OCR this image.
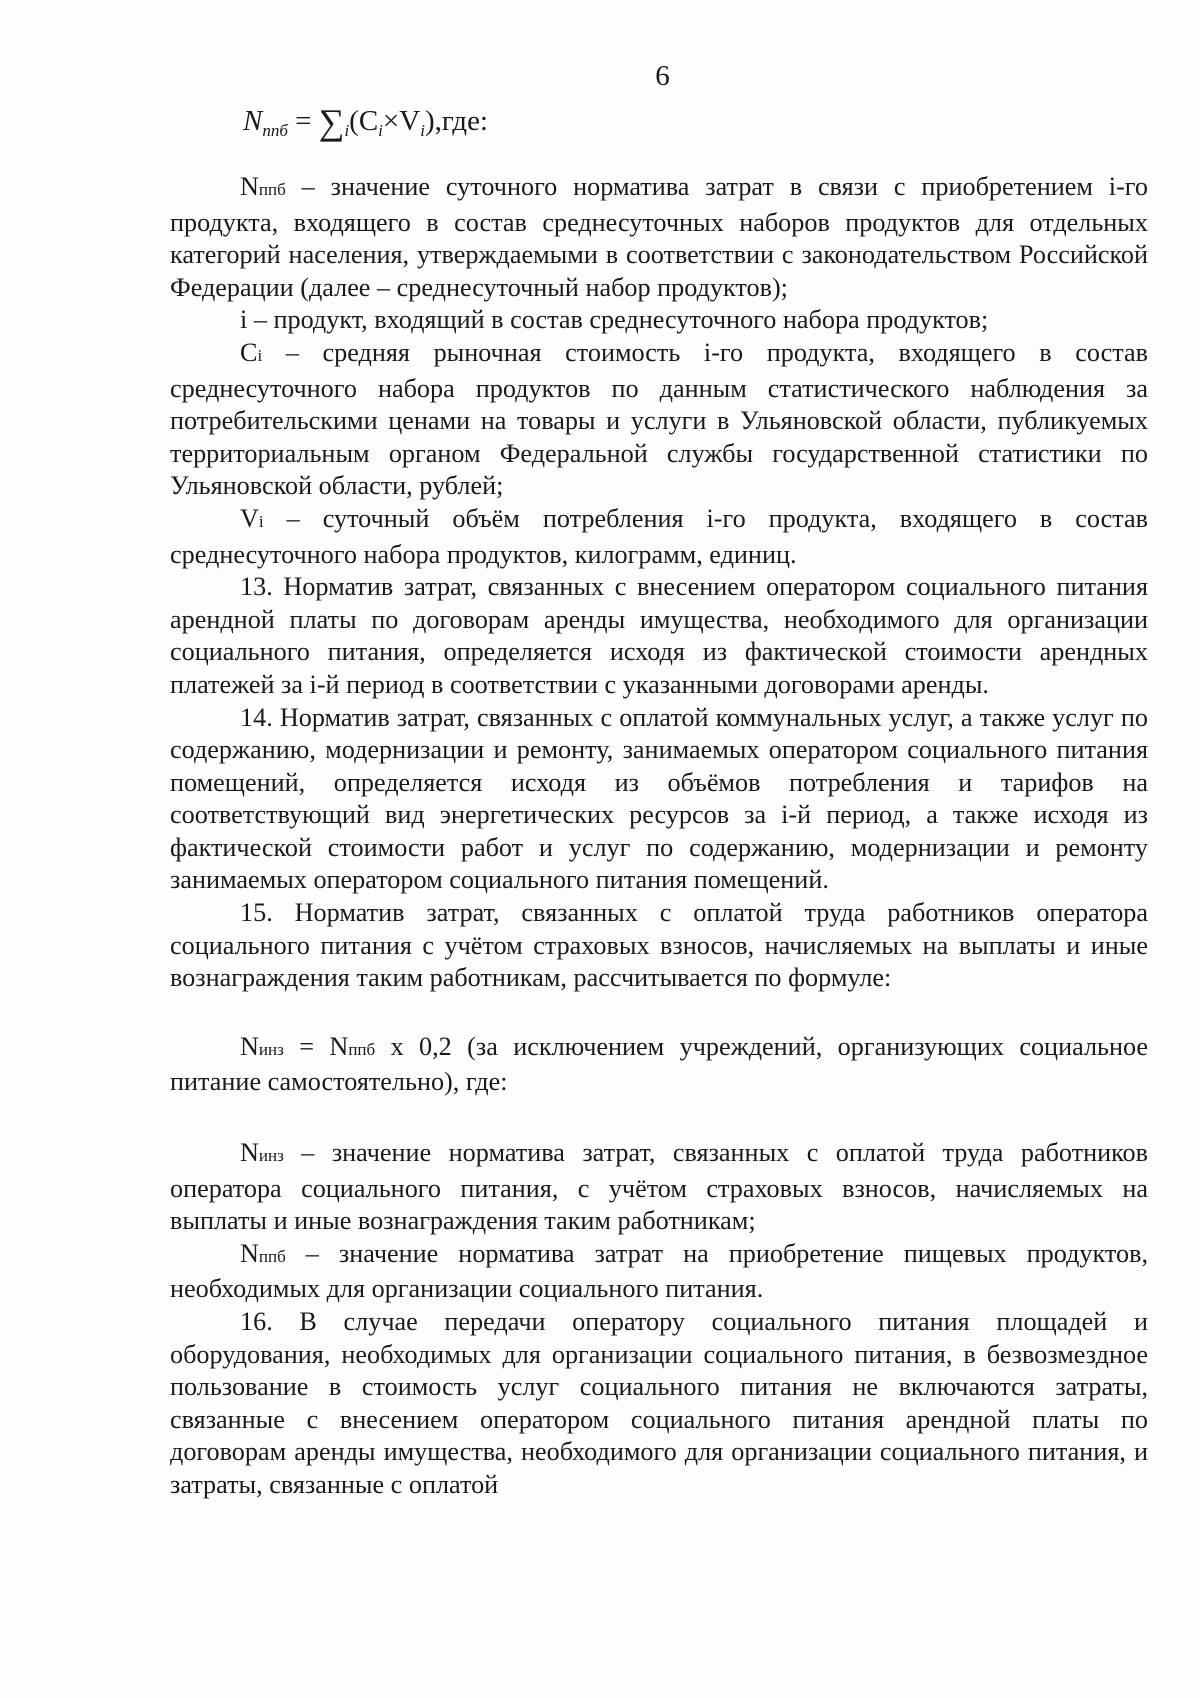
6
$N_{ппб} = \sum_i(C_i\times V_i),где$:

Nппб – значение суточного норматива затрат в связи с приобретением i-го продукта, входящего в состав среднесуточных наборов продуктов для отдельных категорий населения, утверждаемыми в соответствии с законодательством Российской Федерации (далее – среднесуточный набор продуктов);

i – продукт, входящий в состав среднесуточного набора продуктов;

Ci – средняя рыночная стоимость i-го продукта, входящего в состав среднесуточного набора продуктов по данным статистического наблюдения за потребительскими ценами на товары и услуги в Ульяновской области, публикуемых территориальным органом Федеральной службы государственной статистики по Ульяновской области, рублей;

Vi – суточный объём потребления i-го продукта, входящего в состав среднесуточного набора продуктов, килограмм, единиц.

13. Норматив затрат, связанных с внесением оператором социального питания арендной платы по договорам аренды имущества, необходимого для организации социального питания, определяется исходя из фактической стоимости арендных платежей за i-й период в соответствии с указанными договорами аренды.

14. Норматив затрат, связанных с оплатой коммунальных услуг, а также услуг по содержанию, модернизации и ремонту, занимаемых оператором социального питания помещений, определяется исходя из объёмов потребления и тарифов на соответствующий вид энергетических ресурсов за i-й период, а также исходя из фактической стоимости работ и услуг по содержанию, модернизации и ремонту занимаемых оператором социального питания помещений.

15. Норматив затрат, связанных с оплатой труда работников оператора социального питания с учётом страховых взносов, начисляемых на выплаты и иные вознаграждения таким работникам, рассчитывается по формуле:

Nинз = Nппб x 0,2 (за исключением учреждений, организующих социальное питание самостоятельно), где:

Nинз – значение норматива затрат, связанных с оплатой труда работников оператора социального питания, с учётом страховых взносов, начисляемых на выплаты и иные вознаграждения таким работникам;

Nппб – значение норматива затрат на приобретение пищевых продуктов, необходимых для организации социального питания.

16. В случае передачи оператору социального питания площадей и оборудования, необходимых для организации социального питания, в безвозмездное пользование в стоимость услуг социального питания не включаются затраты, связанные с внесением оператором социального питания арендной платы по договорам аренды имущества, необходимого для организации социального питания, и затраты, связанные с оплатой
